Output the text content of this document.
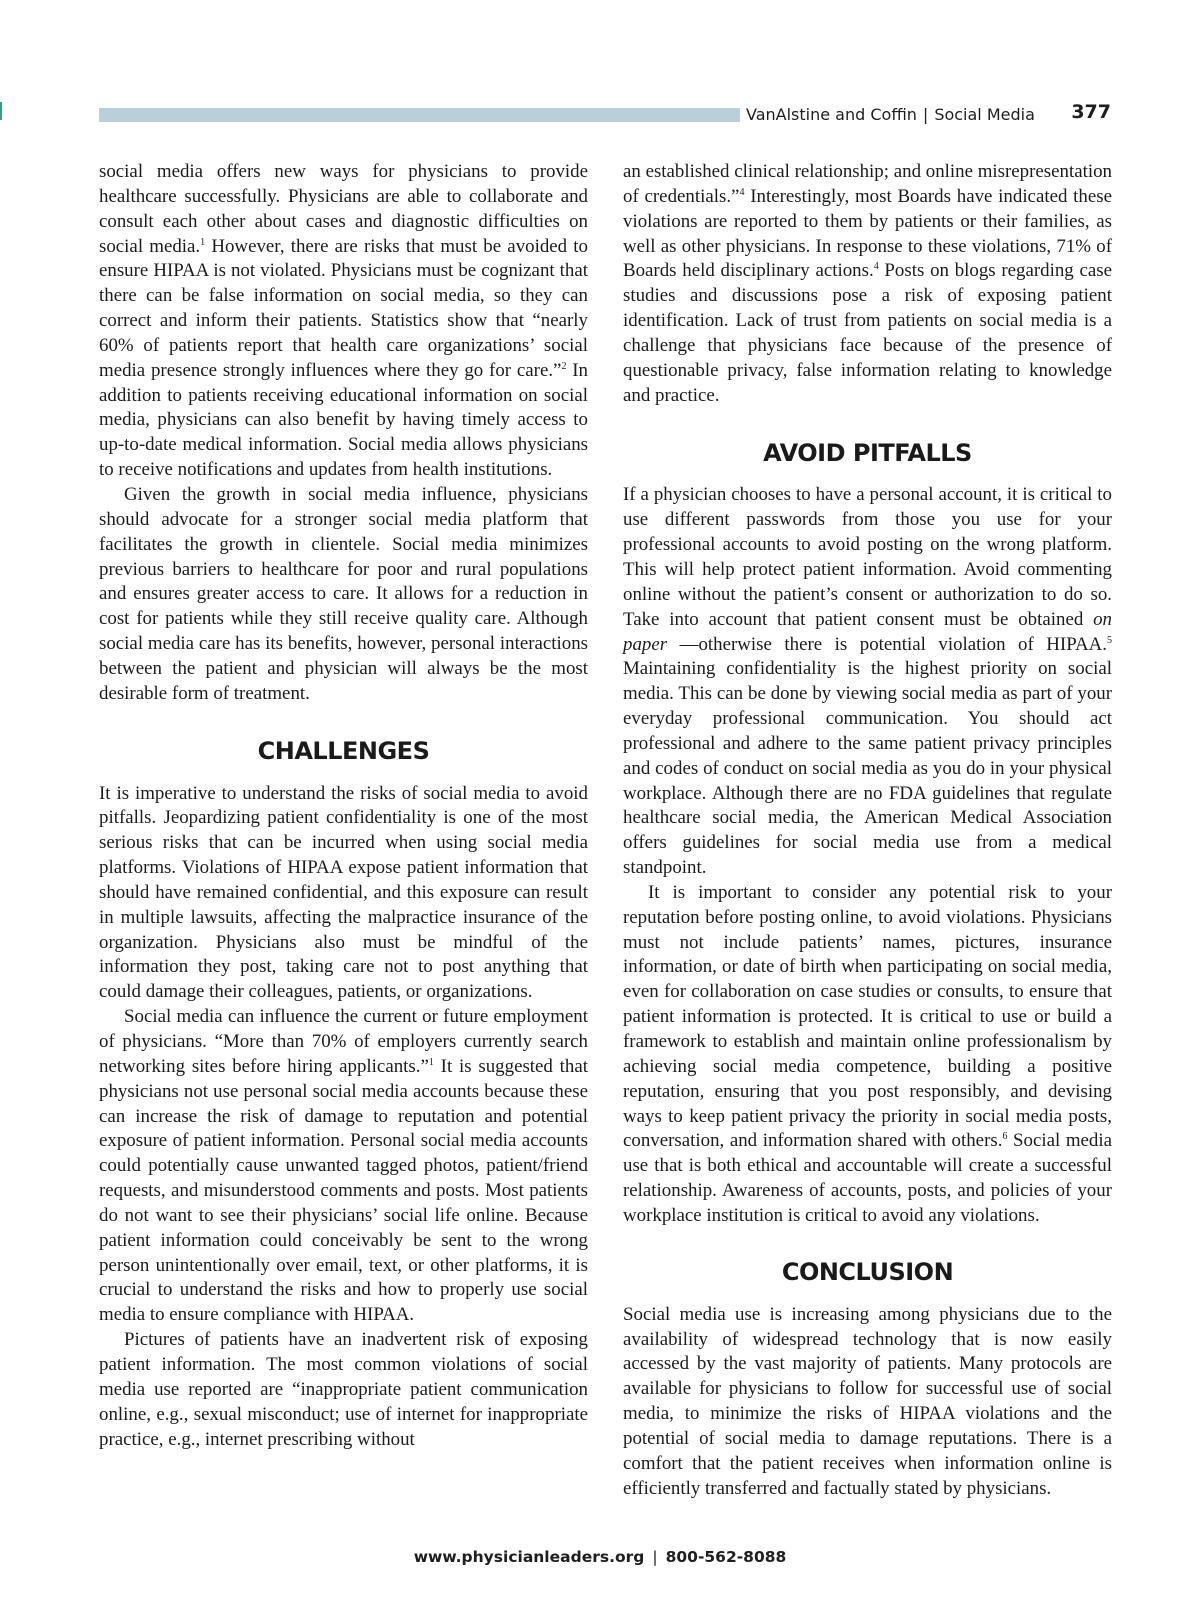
VanAlstine and Coffin | Social Media 377

social media offers new ways for physicians to provide healthcare successfully. Physicians are able to collaborate and consult each other about cases and diagnostic difficulties on social media.$^1$ However, there are risks that must be avoided to ensure HIPAA is not violated. Physicians must be cognizant that there can be false information on social media, so they can correct and inform their patients. Statistics show that “nearly 60% of patients report that health care organizations’ social media presence strongly influences where they go for care.”$^2$ In addition to patients receiving educational information on social media, physicians can also benefit by having timely access to up-to-date medical information. Social media allows physicians to receive notifications and updates from health institutions.

Given the growth in social media influence, physicians should advocate for a stronger social media platform that facilitates the growth in clientele. Social media minimizes previous barriers to healthcare for poor and rural populations and ensures greater access to care. It allows for a reduction in cost for patients while they still receive quality care. Although social media care has its benefits, however, personal interactions between the patient and physician will always be the most desirable form of treatment.

CHALLENGES

It is imperative to understand the risks of social media to avoid pitfalls. Jeopardizing patient confidentiality is one of the most serious risks that can be incurred when using social media platforms. Violations of HIPAA expose patient information that should have remained confidential, and this exposure can result in multiple lawsuits, affecting the malpractice insurance of the organization. Physicians also must be mindful of the information they post, taking care not to post anything that could damage their colleagues, patients, or organizations.

Social media can influence the current or future employment of physicians. “More than 70% of employers currently search networking sites before hiring applicants.”$^1$ It is suggested that physicians not use personal social media accounts because these can increase the risk of damage to reputation and potential exposure of patient information. Personal social media accounts could potentially cause unwanted tagged photos, patient/friend requests, and misunderstood comments and posts. Most patients do not want to see their physicians’ social life online. Because patient information could conceivably be sent to the wrong person unintentionally over email, text, or other platforms, it is crucial to understand the risks and how to properly use social media to ensure compliance with HIPAA.

Pictures of patients have an inadvertent risk of exposing patient information. The most common violations of social media use reported are “inappropriate patient communication online, e.g., sexual misconduct; use of internet for inappropriate practice, e.g., internet prescribing without

an established clinical relationship; and online misrepresentation of credentials.”$^4$ Interestingly, most Boards have indicated these violations are reported to them by patients or their families, as well as other physicians. In response to these violations, 71% of Boards held disciplinary actions.$^4$ Posts on blogs regarding case studies and discussions pose a risk of exposing patient identification. Lack of trust from patients on social media is a challenge that physicians face because of the presence of questionable privacy, false information relating to knowledge and practice.

AVOID PITFALLS

If a physician chooses to have a personal account, it is critical to use different passwords from those you use for your professional accounts to avoid posting on the wrong platform. This will help protect patient information. Avoid commenting online without the patient’s consent or authorization to do so. Take into account that patient consent must be obtained on paper —otherwise there is potential violation of HIPAA.$^5$ Maintaining confidentiality is the highest priority on social media. This can be done by viewing social media as part of your everyday professional communication. You should act professional and adhere to the same patient privacy principles and codes of conduct on social media as you do in your physical workplace. Although there are no FDA guidelines that regulate healthcare social media, the American Medical Association offers guidelines for social media use from a medical standpoint.

It is important to consider any potential risk to your reputation before posting online, to avoid violations. Physicians must not include patients’ names, pictures, insurance information, or date of birth when participating on social media, even for collaboration on case studies or consults, to ensure that patient information is protected. It is critical to use or build a framework to establish and maintain online professionalism by achieving social media competence, building a positive reputation, ensuring that you post responsibly, and devising ways to keep patient privacy the priority in social media posts, conversation, and information shared with others.$^6$ Social media use that is both ethical and accountable will create a successful relationship. Awareness of accounts, posts, and policies of your workplace institution is critical to avoid any violations.

CONCLUSION

Social media use is increasing among physicians due to the availability of widespread technology that is now easily accessed by the vast majority of patients. Many protocols are available for physicians to follow for successful use of social media, to minimize the risks of HIPAA violations and the potential of social media to damage reputations. There is a comfort that the patient receives when information online is efficiently transferred and factually stated by physicians.

www.physicianleaders.org | 800-562-8088
